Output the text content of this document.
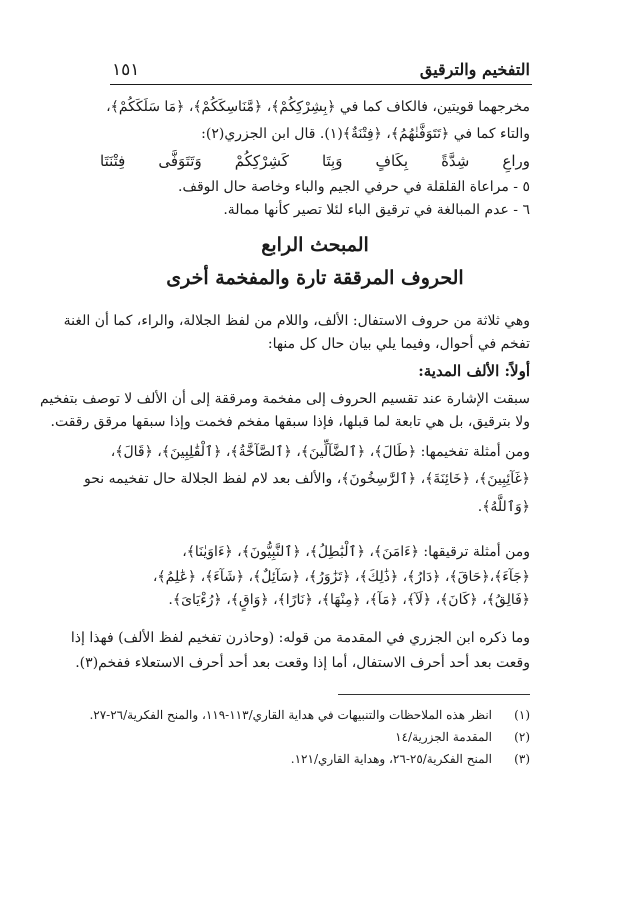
١٥١	التفخيم والترقيق
مخرجهما قويتين، فالكاف كما في ﴿بِشِرْكِكُمْ﴾، ﴿مَّنَاسِكَكُمْ﴾، ﴿مَا سَلَكَكُمْ﴾،
والتاء كما في ﴿تَتَوَفَّنٰهُمُ﴾، ﴿فِتْنَةٌ﴾(١). قال ابن الجزري(٢):
وراعِ شِدَّةً بِكَافٍ وَبِتَا كَشِرْكِكُمْ وَتَتَوَفَّى فِتْنَتَا
٥ - مراعاة القلقلة في حرفي الجيم والباء وخاصة حال الوقف.
٦ - عدم المبالغة في ترقيق الباء لئلا تصير كأنها ممالة.
المبحث الرابع
الحروف المرققة تارة والمفخمة أخرى
وهي ثلاثة من حروف الاستفال: الألف، واللام من لفظ الجلالة، والراء، كما أن الغنة
تفخم في أحوال، وفيما يلي بيان حال كل منها:
أولاً: الألف المدية:
سبقت الإشارة عند تقسيم الحروف إلى مفخمة ومرققة إلى أن الألف لا توصف بتفخيم
ولا بترقيق، بل هي تابعة لما قبلها، فإذا سبقها مفخم فخمت وإذا سبقها مرقق رققت.
ومن أمثلة تفخيمها: ﴿طَالَ﴾، ﴿ٱلضَّآلِّينَ﴾، ﴿ٱلصَّآخَّةُ﴾، ﴿ٱلْقَٰلِبِينَ﴾، ﴿قَالَ﴾،
﴿غَآئِبِينَ﴾، ﴿خَائِنَةَ﴾، ﴿ٱلرَّٰسِخُونَ﴾، والألف بعد لام لفظ الجلالة حال تفخيمه نحو
﴿وَٱللَّهُ﴾.
ومن أمثلة ترقيقها: ﴿ءَامَنَ﴾، ﴿ٱلْبَٰطِلُ﴾، ﴿ٱلنَّبِيُّونَ﴾، ﴿ءَاوَيٰنَا﴾،
﴿جَآءَ﴾،﴿حَاقَ﴾، ﴿دَارُ﴾، ﴿ذَٰلِكَ﴾، ﴿تَزَٰوَرُ﴾، ﴿سَآئِلٌ﴾، ﴿شَآءَ﴾، ﴿عَٰلِمُ﴾،
﴿فَالِقُ﴾، ﴿كَانَ﴾، ﴿لَآ﴾، ﴿مَآ﴾، ﴿مِنْهَا﴾، ﴿نَارًا﴾، ﴿وَاقٍ﴾، ﴿رُءْيَاىَ﴾.
وما ذكره ابن الجزري في المقدمة من قوله: (وحاذرن تفخيم لفظ الألف) فهذا إذا
وقعت بعد أحد أحرف الاستفال، أما إذا وقعت بعد أحد أحرف الاستعلاء ففخم(٣).
(١)انظر هذه الملاحظات والتنبيهات في هداية القاري/١١٣-١١٩، والمنح الفكرية/٢٦-٢٧.
(٢)المقدمة الجزرية/١٤
(٣)المنح الفكرية/٢٥-٢٦، وهداية القاري/١٢١.
